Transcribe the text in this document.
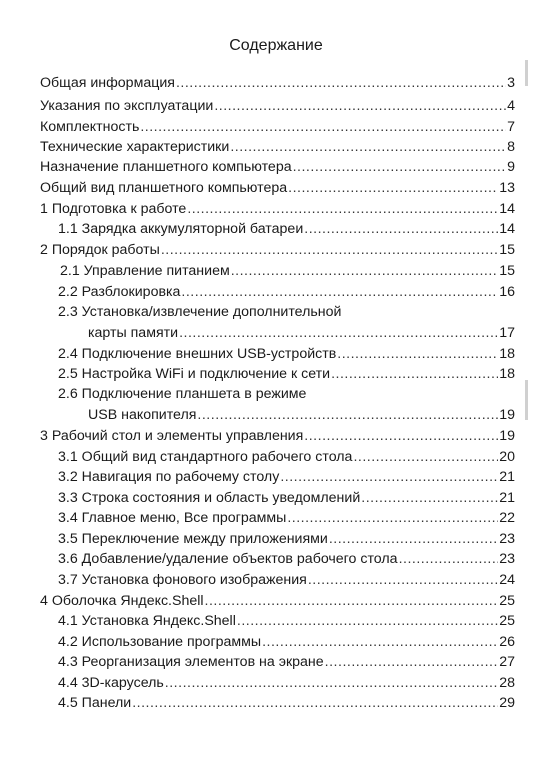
Содержание
Общая информация .....	3
Указания по эксплуатации .....	4
Комплектность .....	7
Технические характеристики .....	8
Назначение планшетного компьютера .....	9
Общий вид планшетного компьютера .....	13
1 Подготовка к работе .....	14
1.1 Зарядка аккумуляторной батареи .....	14
2 Порядок работы .....	15
2.1 Управление питанием .....	15
2.2 Разблокировка .....	16
2.3 Установка/извлечение дополнительной
карты памяти .....	17
2.4 Подключение внешних USB-устройств .....	18
2.5 Настройка WiFi и подключение к сети .....	18
2.6 Подключение планшета в режиме
USB накопителя .....	19
3 Рабочий стол и элементы управления .....	19
3.1 Общий вид стандартного рабочего стола .....	20
3.2 Навигация по рабочему столу .....	21
3.3 Строка состояния и область уведомлений .....	21
3.4 Главное меню, Все программы .....	22
3.5 Переключение между приложениями .....	23
3.6 Добавление/удаление объектов рабочего стола .....	23
3.7 Установка фонового изображения .....	24
4 Оболочка Яндекс.Shell .....	25
4.1 Установка Яндекс.Shell .....	25
4.2 Использование программы .....	26
4.3 Реорганизация элементов на экране .....	27
4.4 3D-карусель .....	28
4.5 Панели .....	29
